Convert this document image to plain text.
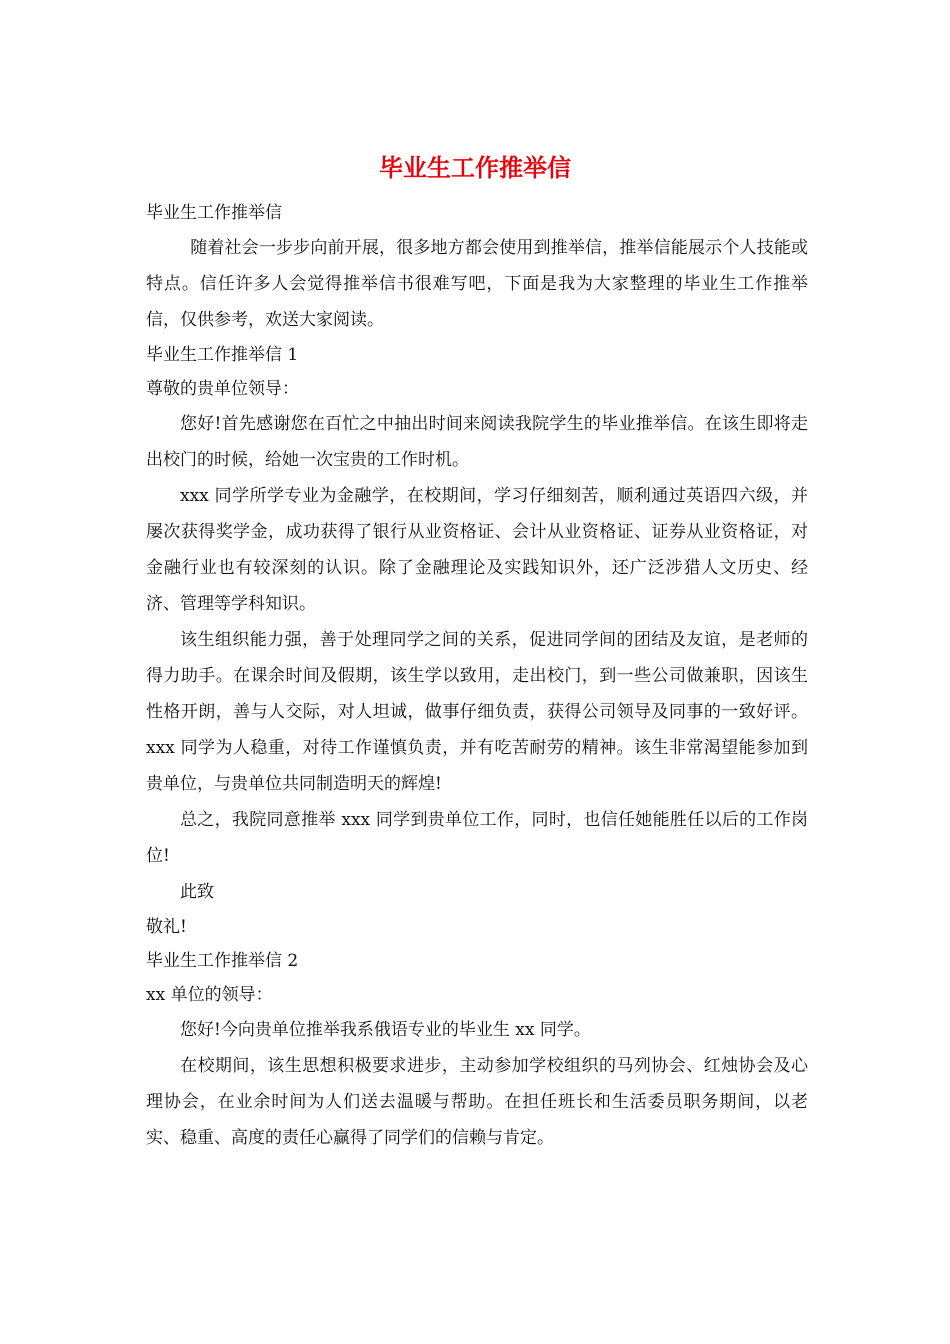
毕业生工作推举信

毕业生工作推举信

随着社会一步步向前开展，很多地方都会使用到推举信，推举信能展示个人技能或特点。信任许多人会觉得推举信书很难写吧，下面是我为大家整理的毕业生工作推举信，仅供参考，欢送大家阅读。

毕业生工作推举信 1

尊敬的贵单位领导：

您好!首先感谢您在百忙之中抽出时间来阅读我院学生的毕业推举信。在该生即将走出校门的时候，给她一次宝贵的工作时机。

xxx 同学所学专业为金融学，在校期间，学习仔细刻苦，顺利通过英语四六级，并屡次获得奖学金，成功获得了银行从业资格证、会计从业资格证、证券从业资格证，对金融行业也有较深刻的认识。除了金融理论及实践知识外，还广泛涉猎人文历史、经济、管理等学科知识。

该生组织能力强，善于处理同学之间的关系，促进同学间的团结及友谊，是老师的得力助手。在课余时间及假期，该生学以致用，走出校门，到一些公司做兼职，因该生性格开朗，善与人交际，对人坦诚，做事仔细负责，获得公司领导及同事的一致好评。xxx 同学为人稳重，对待工作谨慎负责，并有吃苦耐劳的精神。该生非常渴望能参加到贵单位，与贵单位共同制造明天的辉煌!

总之，我院同意推举 xxx 同学到贵单位工作，同时，也信任她能胜任以后的工作岗位!

此致

敬礼!

毕业生工作推举信 2

xx 单位的领导：

您好!今向贵单位推举我系俄语专业的毕业生 xx 同学。

在校期间，该生思想积极要求进步，主动参加学校组织的马列协会、红烛协会及心理协会，在业余时间为人们送去温暖与帮助。在担任班长和生活委员职务期间，以老实、稳重、高度的责任心赢得了同学们的信赖与肯定。
